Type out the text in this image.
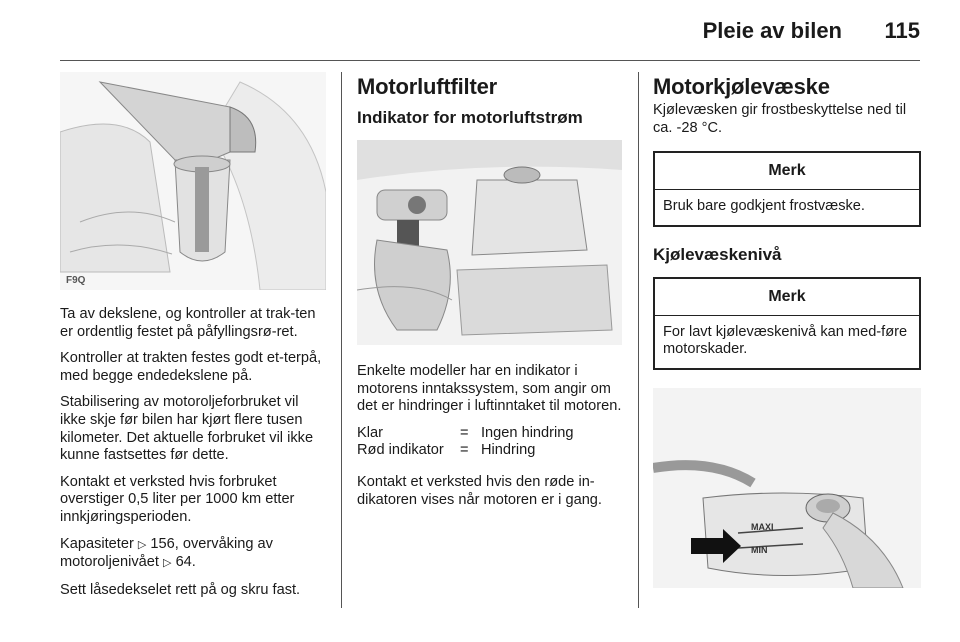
Pleie av bilen 115
F9Q

Ta av dekslene, og kontroller at trak-ten er ordentlig festet på påfyllingsrø-ret.

Kontroller at trakten festes godt et-terpå, med begge endedekslene på.

Stabilisering av motoroljeforbruket vil ikke skje før bilen har kjørt flere tusen kilometer. Det aktuelle forbruket vil ikke kunne fastsettes før dette.

Kontakt et verksted hvis forbruket overstiger 0,5 liter per 1000 km etter innkjøringsperioden.

Kapasiteter ▷ 156, overvåking av motoroljenivået ▷ 64.

Sett låsedekselet rett på og skru fast.

Motorluftfilter
Indikator for motorluftstrøm

Enkelte modeller har en indikator i motorens inntakssystem, som angir om det er hindringer i luftinntaket til motoren.

Klar	=	Ingen hindring
Rød indikator	=	Hindring

Kontakt et verksted hvis den røde in-dikatoren vises når motoren er i gang.

Motorkjølevæske

Kjølevæsken gir frostbeskyttelse ned til ca. -28 °C.

Merk
Bruk bare godkjent frostvæske.
Kjølevæskenivå
Merk
For lavt kjølevæskenivå kan med-føre motorskader.
MAXI
MIN
